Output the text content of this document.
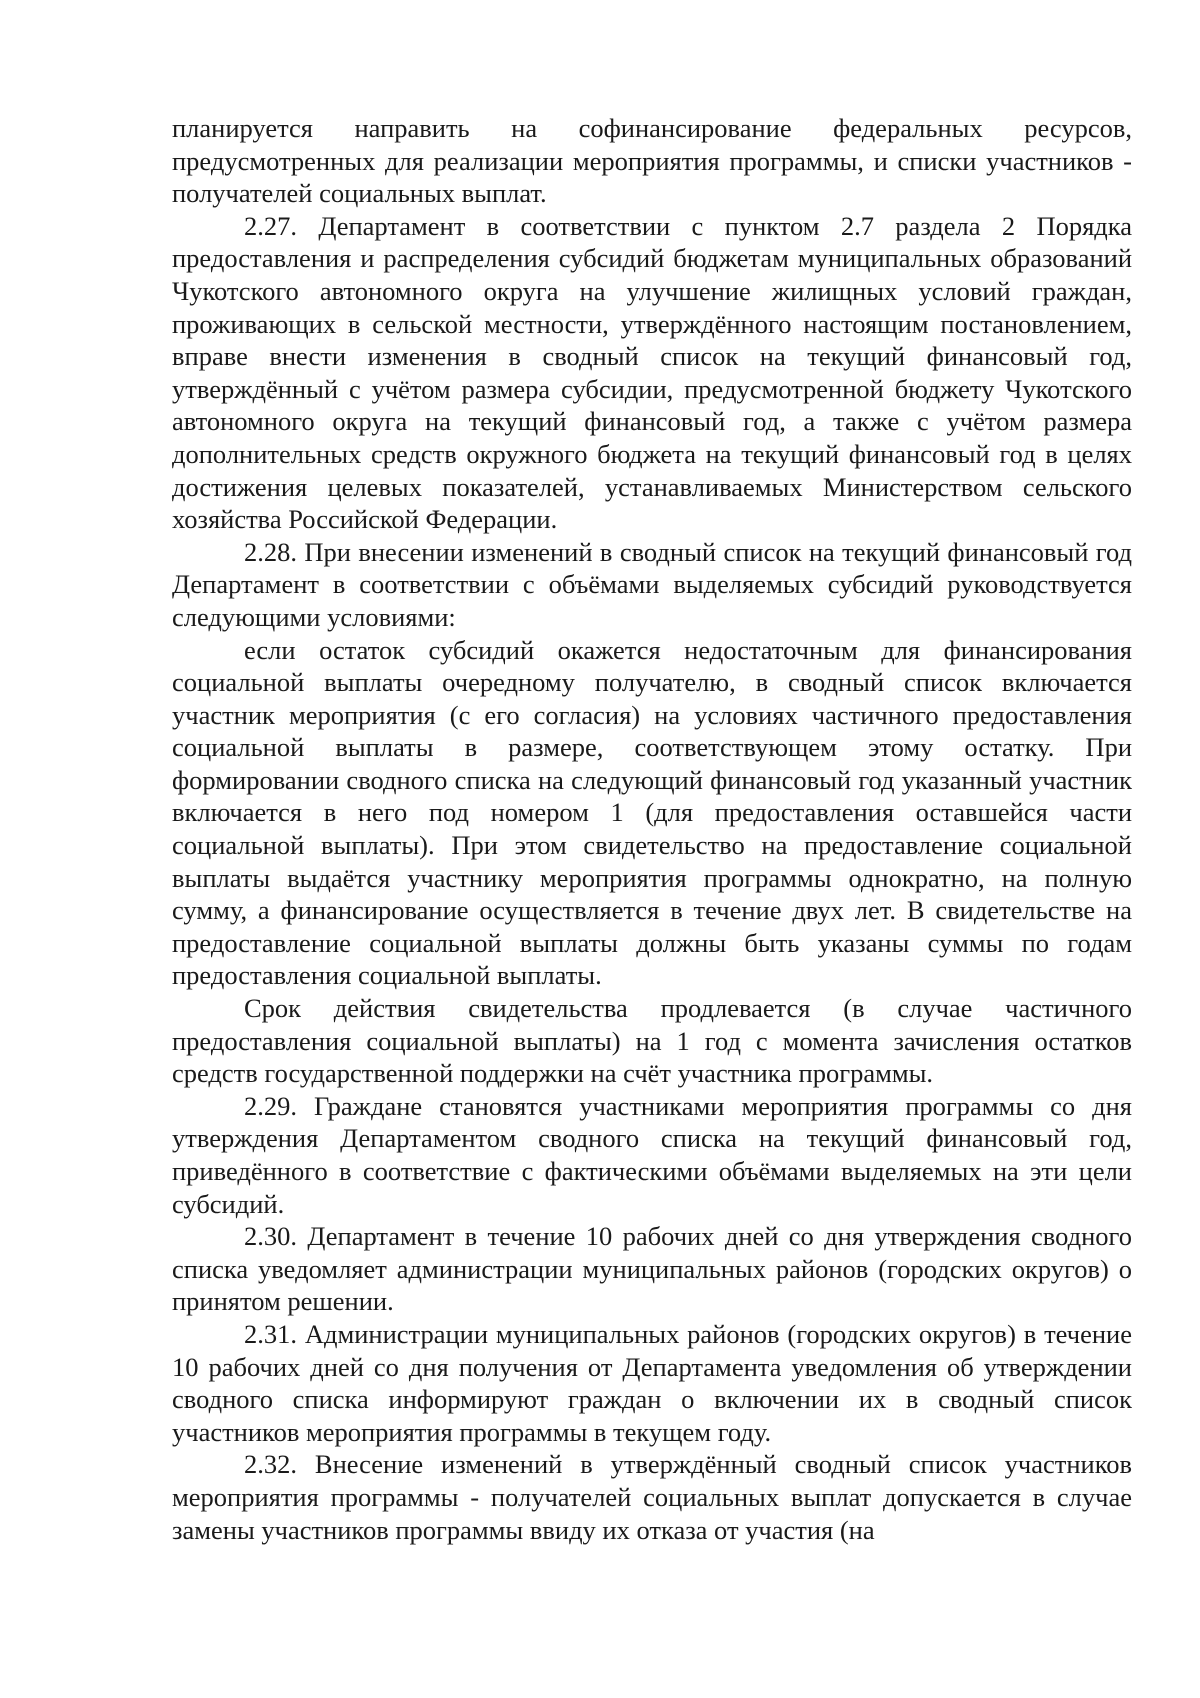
планируется направить на софинансирование федеральных ресурсов, предусмотренных для реализации мероприятия программы, и списки участников - получателей социальных выплат.

2.27. Департамент в соответствии с пунктом 2.7 раздела 2 Порядка предоставления и распределения субсидий бюджетам муниципальных образований Чукотского автономного округа на улучшение жилищных условий граждан, проживающих в сельской местности, утверждённого настоящим постановлением, вправе внести изменения в сводный список на текущий финансовый год, утверждённый с учётом размера субсидии, предусмотренной бюджету Чукотского автономного округа на текущий финансовый год, а также с учётом размера дополнительных средств окружного бюджета на текущий финансовый год в целях достижения целевых показателей, устанавливаемых Министерством сельского хозяйства Российской Федерации.

2.28. При внесении изменений в сводный список на текущий финансовый год Департамент в соответствии с объёмами выделяемых субсидий руководствуется следующими условиями:

если остаток субсидий окажется недостаточным для финансирования социальной выплаты очередному получателю, в сводный список включается участник мероприятия (с его согласия) на условиях частичного предоставления социальной выплаты в размере, соответствующем этому остатку. При формировании сводного списка на следующий финансовый год указанный участник включается в него под номером 1 (для предоставления оставшейся части социальной выплаты). При этом свидетельство на предоставление социальной выплаты выдаётся участнику мероприятия программы однократно, на полную сумму, а финансирование осуществляется в течение двух лет. В свидетельстве на предоставление социальной выплаты должны быть указаны суммы по годам предоставления социальной выплаты.

Срок действия свидетельства продлевается (в случае частичного предоставления социальной выплаты) на 1 год с момента зачисления остатков средств государственной поддержки на счёт участника программы.

2.29. Граждане становятся участниками мероприятия программы со дня утверждения Департаментом сводного списка на текущий финансовый год, приведённого в соответствие с фактическими объёмами выделяемых на эти цели субсидий.

2.30. Департамент в течение 10 рабочих дней со дня утверждения сводного списка уведомляет администрации муниципальных районов (городских округов) о принятом решении.

2.31. Администрации муниципальных районов (городских округов) в течение 10 рабочих дней со дня получения от Департамента уведомления об утверждении сводного списка информируют граждан о включении их в сводный список участников мероприятия программы в текущем году.

2.32. Внесение изменений в утверждённый сводный список участников мероприятия программы - получателей социальных выплат допускается в случае замены участников программы ввиду их отказа от участия (на
